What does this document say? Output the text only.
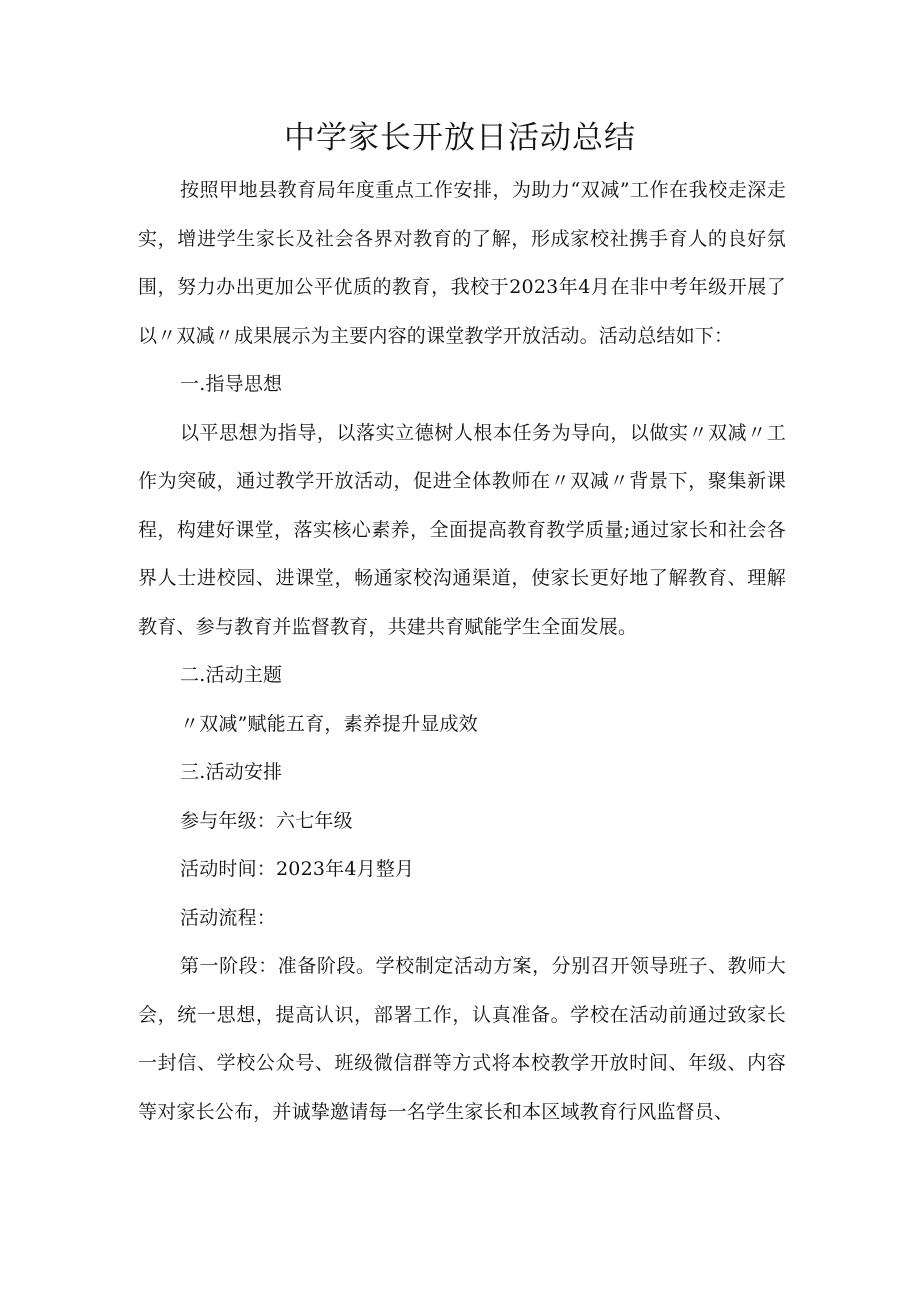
中学家长开放日活动总结

按照甲地县教育局年度重点工作安排，为助力“双减”工作在我校走深走实，增进学生家长及社会各界对教育的了解，形成家校社携手育人的良好氛围，努力办出更加公平优质的教育，我校于2023年4月在非中考年级开展了以〃双减〃成果展示为主要内容的课堂教学开放活动。活动总结如下：

一.指导思想

以平思想为指导，以落实立德树人根本任务为导向，以做实〃双减〃工作为突破，通过教学开放活动，促进全体教师在〃双减〃背景下，聚集新课程，构建好课堂，落实核心素养，全面提高教育教学质量;通过家长和社会各界人士进校园、进课堂，畅通家校沟通渠道，使家长更好地了解教育、理解教育、参与教育并监督教育，共建共育赋能学生全面发展。

二.活动主题

〃双减”赋能五育，素养提升显成效

三.活动安排

参与年级：六七年级

活动时间：2023年4月整月

活动流程：

第一阶段：准备阶段。学校制定活动方案，分别召开领导班子、教师大会，统一思想，提高认识，部署工作，认真准备。学校在活动前通过致家长一封信、学校公众号、班级微信群等方式将本校教学开放时间、年级、内容等对家长公布，并诚挚邀请每一名学生家长和本区域教育行风监督员、
